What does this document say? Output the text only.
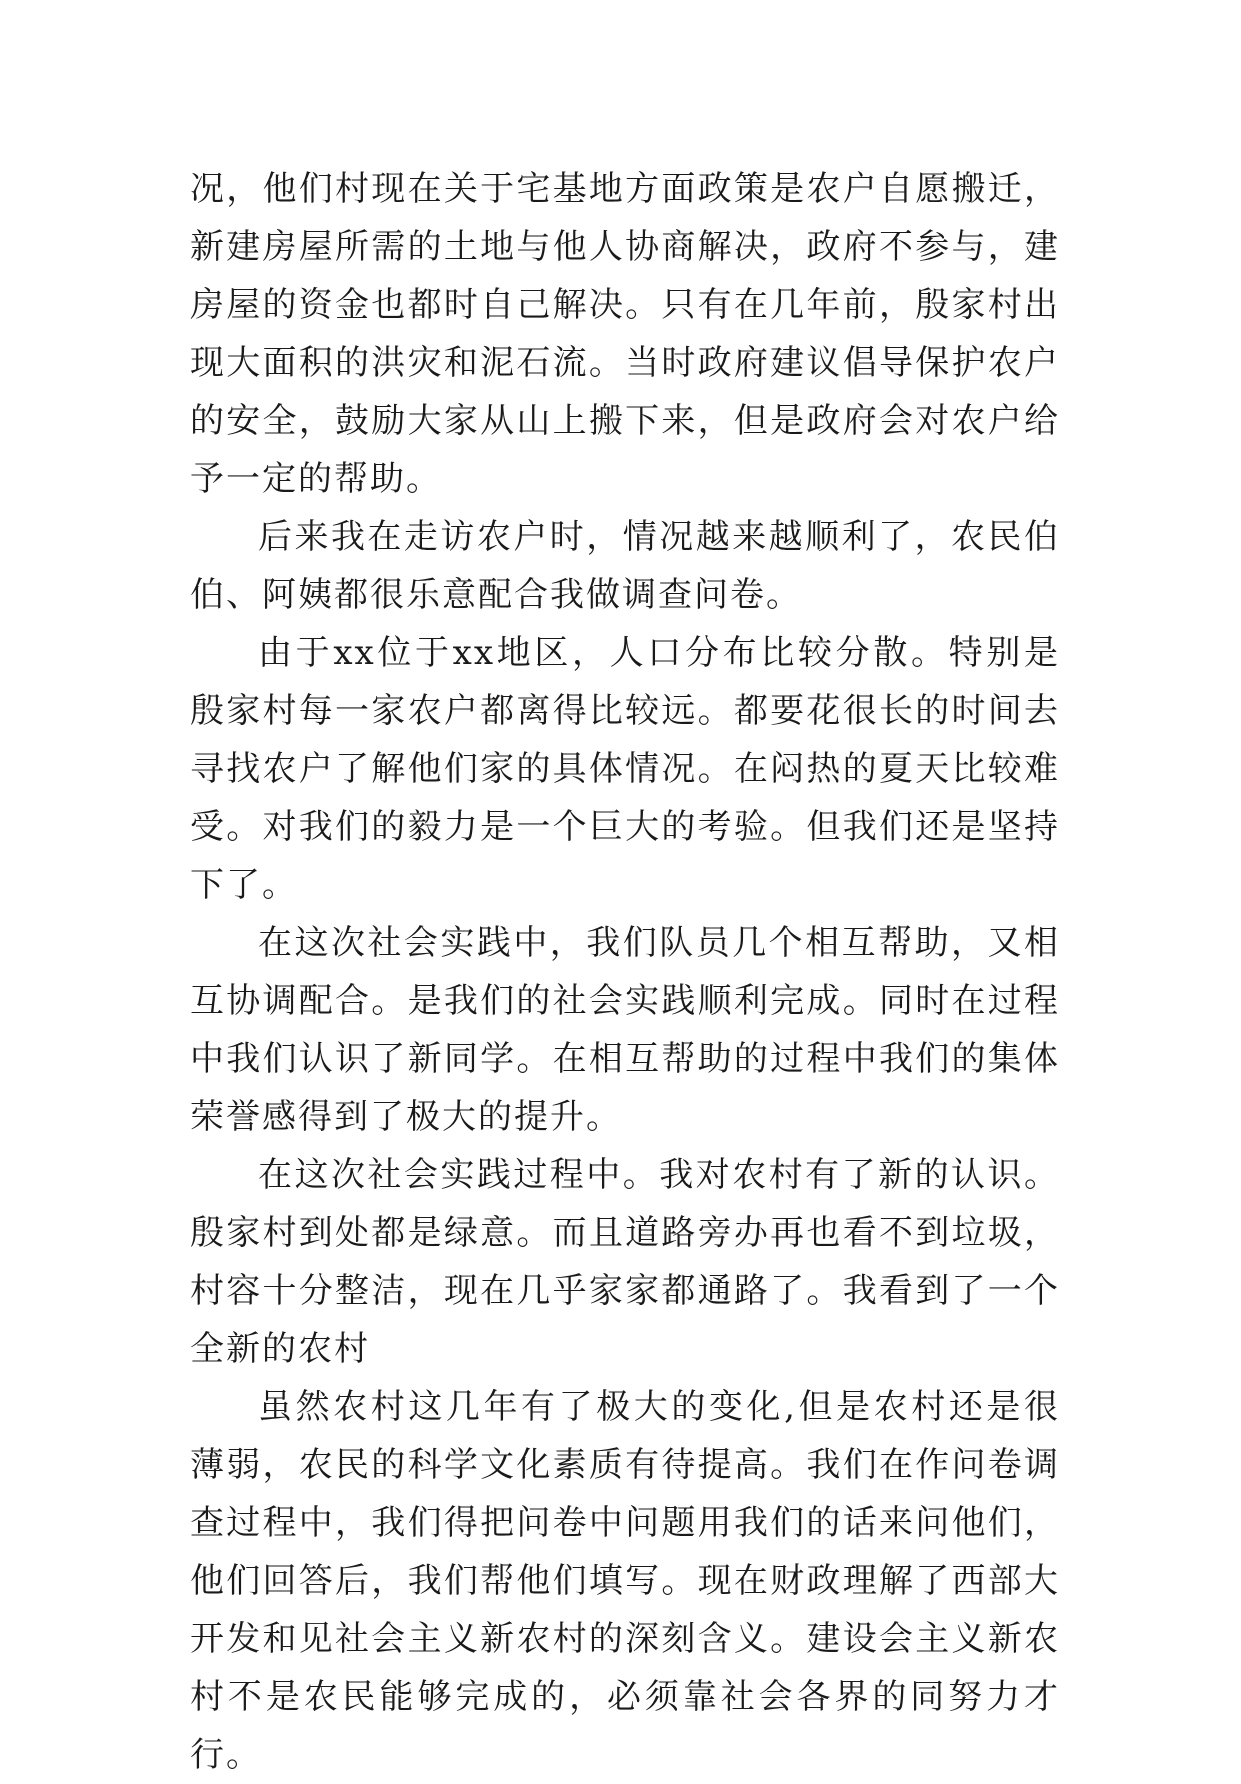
况，他们村现在关于宅基地方面政策是农户自愿搬迁，新建房屋所需的土地与他人协商解决，政府不参与，建房屋的资金也都时自己解决。只有在几年前，殷家村出现大面积的洪灾和泥石流。当时政府建议倡导保护农户的安全，鼓励大家从山上搬下来，但是政府会对农户给予一定的帮助。

后来我在走访农户时，情况越来越顺利了，农民伯伯、阿姨都很乐意配合我做调查问卷。

由于xx位于xx地区，人口分布比较分散。特别是殷家村每一家农户都离得比较远。都要花很长的时间去寻找农户了解他们家的具体情况。在闷热的夏天比较难受。对我们的毅力是一个巨大的考验。但我们还是坚持下了。

在这次社会实践中，我们队员几个相互帮助，又相互协调配合。是我们的社会实践顺利完成。同时在过程中我们认识了新同学。在相互帮助的过程中我们的集体荣誉感得到了极大的提升。

在这次社会实践过程中。我对农村有了新的认识。殷家村到处都是绿意。而且道路旁办再也看不到垃圾，村容十分整洁，现在几乎家家都通路了。我看到了一个全新的农村

虽然农村这几年有了极大的变化,但是农村还是很薄弱，农民的科学文化素质有待提高。我们在作问卷调查过程中，我们得把问卷中问题用我们的话来问他们，他们回答后，我们帮他们填写。现在财政理解了西部大开发和见社会主义新农村的深刻含义。建设会主义新农村不是农民能够完成的，必须靠社会各界的同努力才行。
